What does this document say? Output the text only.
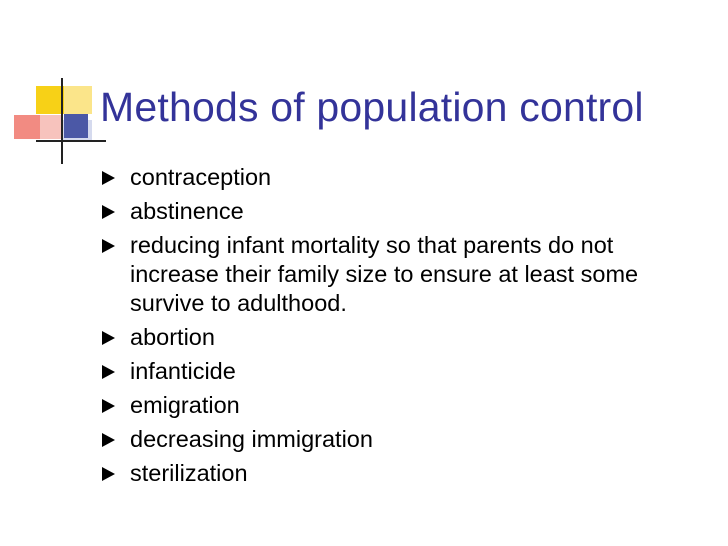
Methods of population control
contraception
abstinence
reducing infant mortality so that parents do not increase their family size to ensure at least some survive to adulthood.
abortion
infanticide
emigration
decreasing immigration
sterilization
